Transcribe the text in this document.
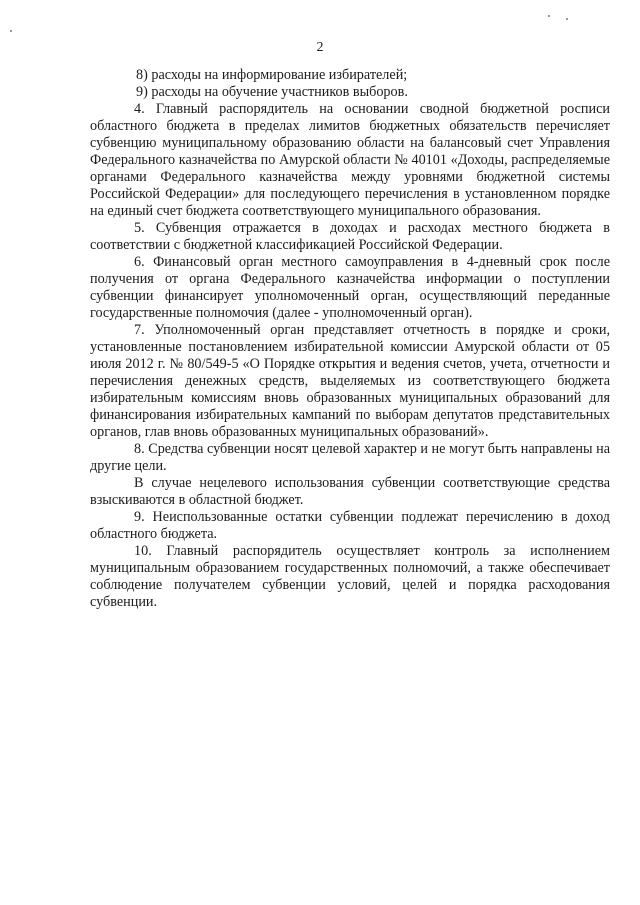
2

8) расходы на информирование избирателей;

9) расходы на обучение участников выборов.

4. Главный распорядитель на основании сводной бюджетной росписи областного бюджета в пределах лимитов бюджетных обязательств перечисляет субвенцию муниципальному образованию области на балансовый счет Управления Федерального казначейства по Амурской области № 40101 «Доходы, распределяемые органами Федерального казначейства между уровнями бюджетной системы Российской Федерации» для последующего перечисления в установленном порядке на единый счет бюджета соответствующего муниципального образования.

5. Субвенция отражается в доходах и расходах местного бюджета в соответствии с бюджетной классификацией Российской Федерации.

6. Финансовый орган местного самоуправления в 4-дневный срок после получения от органа Федерального казначейства информации о поступлении субвенции финансирует уполномоченный орган, осуществляющий переданные государственные полномочия (далее - уполномоченный орган).

7. Уполномоченный орган представляет отчетность в порядке и сроки, установленные постановлением избирательной комиссии Амурской области от 05 июля 2012 г. № 80/549-5 «О Порядке открытия и ведения счетов, учета, отчетности и перечисления денежных средств, выделяемых из соответствующего бюджета избирательным комиссиям вновь образованных муниципальных образований для финансирования избирательных кампаний по выборам депутатов представительных органов, глав вновь образованных муниципальных образований».

8. Средства субвенции носят целевой характер и не могут быть направлены на другие цели.

В случае нецелевого использования субвенции соответствующие средства взыскиваются в областной бюджет.

9. Неиспользованные остатки субвенции подлежат перечислению в доход областного бюджета.

10. Главный распорядитель осуществляет контроль за исполнением муниципальным образованием государственных полномочий, а также обеспечивает соблюдение получателем субвенции условий, целей и порядка расходования субвенции.
